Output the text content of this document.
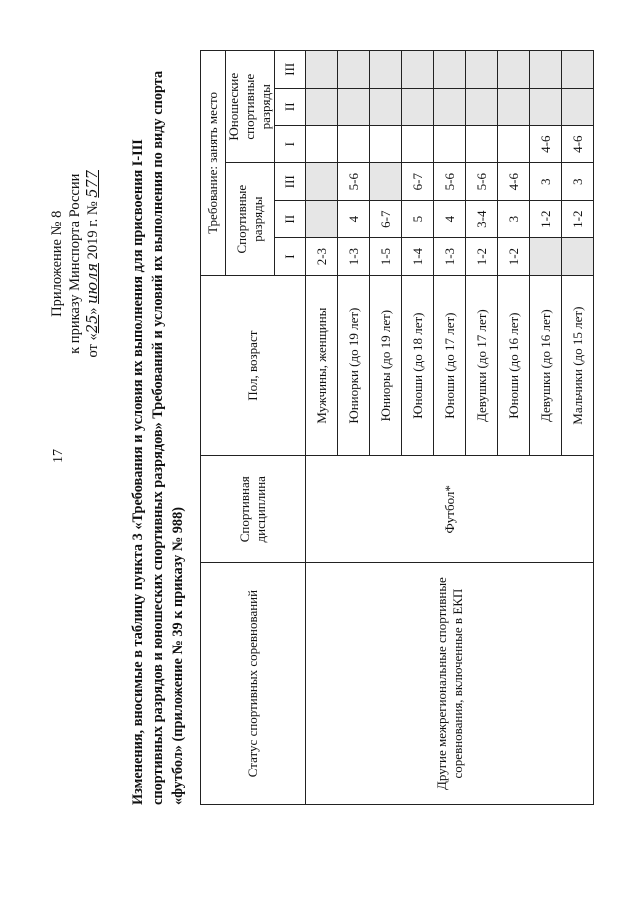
17
Приложение № 8 к приказу Минспорта России от «25» июля 2019 г. № 577 Изменения, вносимые в таблицу пункта 3 «Требования и условия их выполнения для присвоения I-III спортивных разрядов и юношеских спортивных разрядов» Требований и условий их выполнения по виду спорта «футбол» (приложение № 39 к приказу № 988)	Статус спортивных соревнований	Спортивная дисциплина	Пол, возраст	Требование: занять место					
			Спортивные разряды			Юношеские спортивные разряды		
			I	II	III	I	II	III
Другие межрегиональные спортивные соревнования, включенные в ЕКП	Футбол*	Мужчины, женщины	2-3					
		Юниорки (до 19 лет)	1-3	4	5-6			
		Юниоры (до 19 лет)	1-5	6-7				
		Юноши (до 18 лет)	1-4	5	6-7			
		Юноши (до 17 лет)	1-3	4	5-6			
		Девушки (до 17 лет)	1-2	3-4	5-6			
		Юноши (до 16 лет)	1-2	3	4-6			
		Девушки (до 16 лет)		1-2	3	4-6		
		Мальчики (до 15 лет)		1-2	3	4-6		
